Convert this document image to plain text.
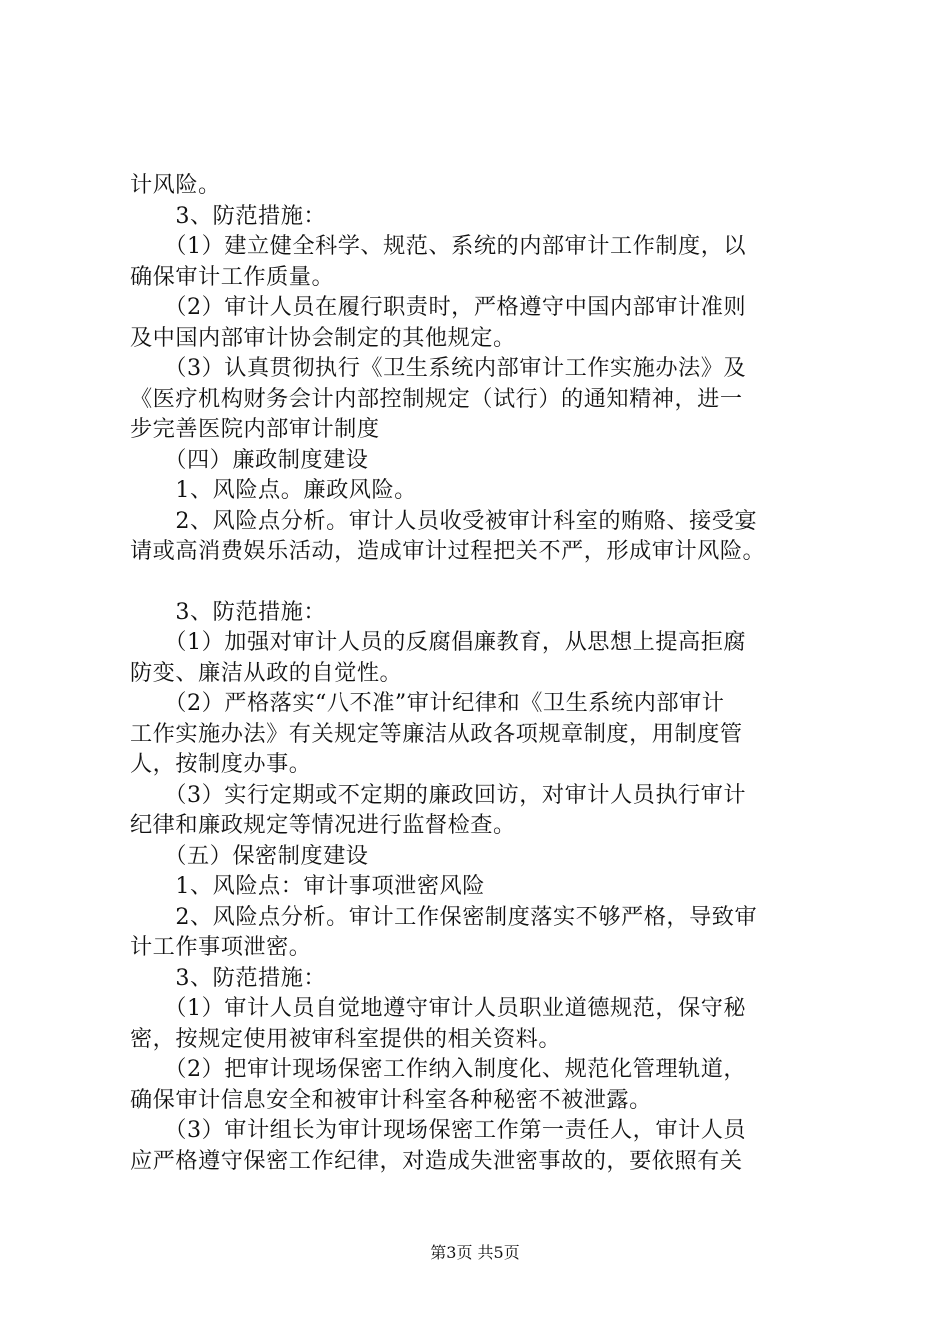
计风险。
　　3、防范措施：
　　（1）建立健全科学、规范、系统的内部审计工作制度，以
确保审计工作质量。
　　（2）审计人员在履行职责时，严格遵守中国内部审计准则
及中国内部审计协会制定的其他规定。
　　（3）认真贯彻执行《卫生系统内部审计工作实施办法》及
《医疗机构财务会计内部控制规定（试行）的通知精神，进一
步完善医院内部审计制度
　　（四）廉政制度建设
　　1、风险点。廉政风险。
　　2、风险点分析。审计人员收受被审计科室的贿赂、接受宴
请或高消费娱乐活动，造成审计过程把关不严，形成审计风险。
　　3、防范措施：
　　（1）加强对审计人员的反腐倡廉教育，从思想上提高拒腐
防变、廉洁从政的自觉性。
　　（2）严格落实“八不准”审计纪律和《卫生系统内部审计
工作实施办法》有关规定等廉洁从政各项规章制度，用制度管
人，按制度办事。
　　（3）实行定期或不定期的廉政回访，对审计人员执行审计
纪律和廉政规定等情况进行监督检查。
　　（五）保密制度建设
　　1、风险点：审计事项泄密风险
　　2、风险点分析。审计工作保密制度落实不够严格，导致审
计工作事项泄密。
　　3、防范措施：
　　（1）审计人员自觉地遵守审计人员职业道德规范，保守秘
密，按规定使用被审科室提供的相关资料。
　　（2）把审计现场保密工作纳入制度化、规范化管理轨道，
确保审计信息安全和被审计科室各种秘密不被泄露。
　　（3）审计组长为审计现场保密工作第一责任人，审计人员
应严格遵守保密工作纪律，对造成失泄密事故的，要依照有关
第3页 共5页
